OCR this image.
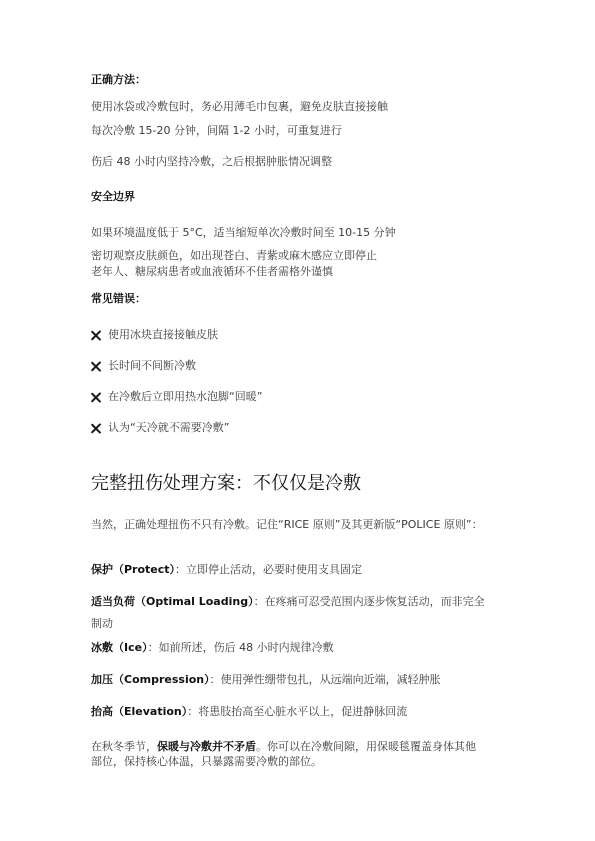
正确方法：
使用冰袋或冷敷包时，务必用薄毛巾包裹，避免皮肤直接接触
每次冷敷 15-20 分钟，间隔 1-2 小时，可重复进行
伤后 48 小时内坚持冷敷，之后根据肿胀情况调整
安全边界
如果环境温度低于 5°C，适当缩短单次冷敷时间至 10-15 分钟
密切观察皮肤颜色，如出现苍白、青紫或麻木感应立即停止
老年人、糖尿病患者或血液循环不佳者需格外谨慎
常见错误：
使用冰块直接接触皮肤
长时间不间断冷敷
在冷敷后立即用热水泡脚“回暖”
认为“天冷就不需要冷敷”
完整扭伤处理方案：不仅仅是冷敷
当然，正确处理扭伤不只有冷敷。记住“RICE 原则”及其更新版“POLICE 原则”：
保护（Protect）：立即停止活动，必要时使用支具固定
适当负荷（Optimal Loading）：在疼痛可忍受范围内逐步恢复活动，而非完全
制动
冰敷（Ice）：如前所述，伤后 48 小时内规律冷敷
加压（Compression）：使用弹性绷带包扎，从远端向近端，减轻肿胀
抬高（Elevation）：将患肢抬高至心脏水平以上，促进静脉回流
在秋冬季节，保暖与冷敷并不矛盾。你可以在冷敷间隙，用保暖毯覆盖身体其他
部位，保持核心体温，只暴露需要冷敷的部位。
